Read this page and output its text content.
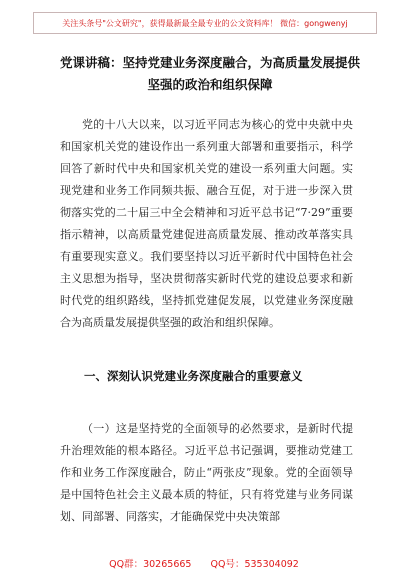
关注头条号"公文研究"，获得最新最全最专业的公文资料库！ 微信：gongwenyj
党课讲稿：坚持党建业务深度融合，为高质量发展提供坚强的政治和组织保障

党的十八大以来，以习近平同志为核心的党中央就中央和国家机关党的建设作出一系列重大部署和重要指示，科学回答了新时代中央和国家机关党的建设一系列重大问题。实现党建和业务工作同频共振、融合互促，对于进一步深入贯彻落实党的二十届三中全会精神和习近平总书记“7·29”重要指示精神，以高质量党建促进高质量发展、推动改革落实具有重要现实意义。我们要坚持以习近平新时代中国特色社会主义思想为指导，坚决贯彻落实新时代党的建设总要求和新时代党的组织路线，坚持抓党建促发展，以党建业务深度融合为高质量发展提供坚强的政治和组织保障。

一、深刻认识党建业务深度融合的重要意义

（一）这是坚持党的全面领导的必然要求，是新时代提升治理效能的根本路径。习近平总书记强调，要推动党建工作和业务工作深度融合，防止“两张皮”现象。党的全面领导是中国特色社会主义最本质的特征，只有将党建与业务同谋划、同部署、同落实，才能确保党中央决策部

QQ群：30265665 QQ号：535304092
